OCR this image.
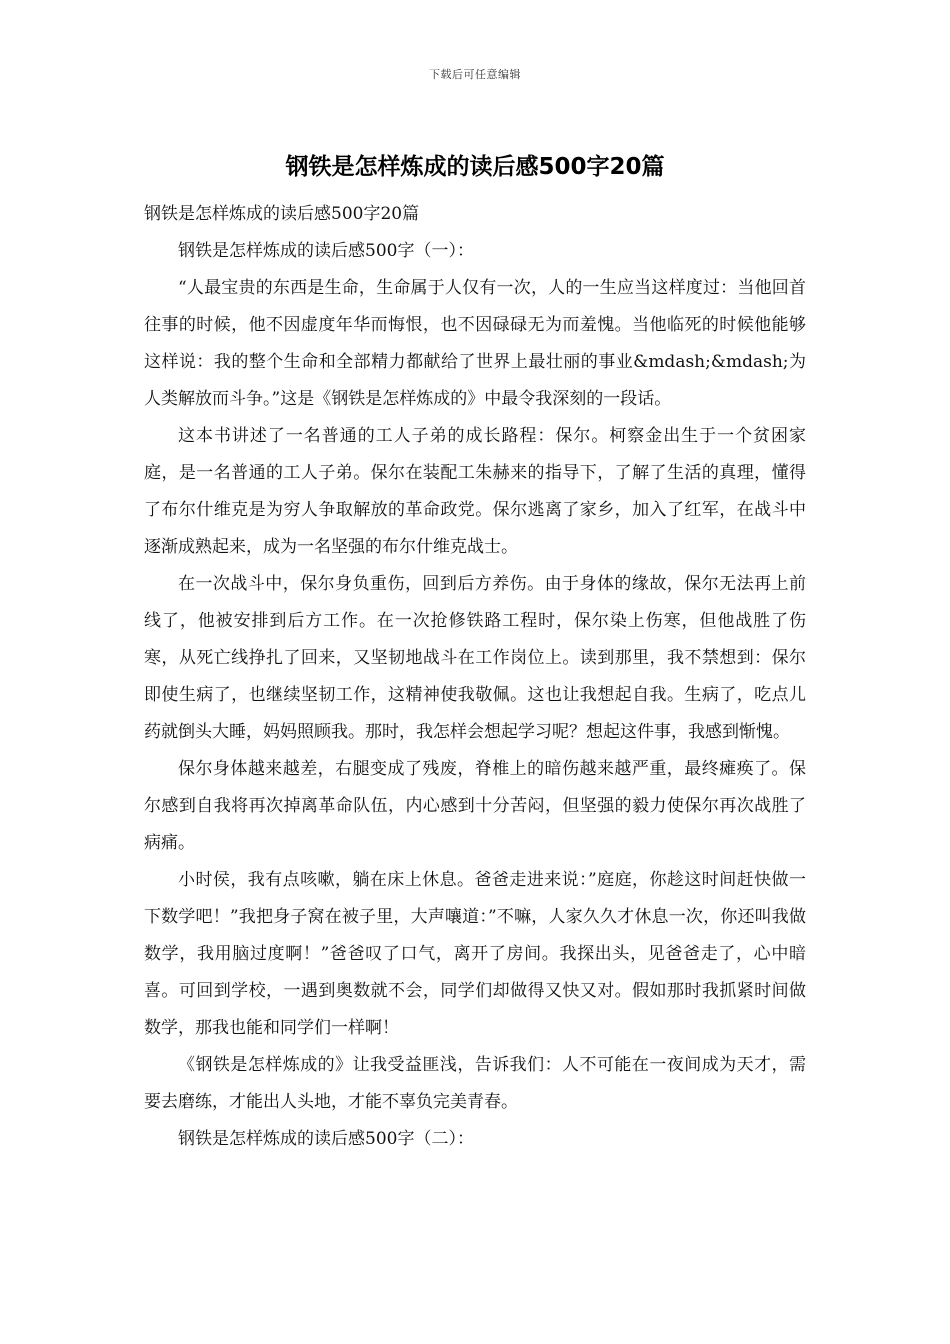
下载后可任意编辑
钢铁是怎样炼成的读后感500字20篇

钢铁是怎样炼成的读后感500字20篇

钢铁是怎样炼成的读后感500字（一）：

“人最宝贵的东西是生命，生命属于人仅有一次，人的一生应当这样度过：当他回首往事的时候，他不因虚度年华而悔恨，也不因碌碌无为而羞愧。当他临死的时候他能够这样说：我的整个生命和全部精力都献给了世界上最壮丽的事业&mdash;&mdash;为人类解放而斗争。”这是《钢铁是怎样炼成的》中最令我深刻的一段话。

这本书讲述了一名普通的工人子弟的成长路程：保尔。柯察金出生于一个贫困家庭，是一名普通的工人子弟。保尔在装配工朱赫来的指导下，了解了生活的真理，懂得了布尔什维克是为穷人争取解放的革命政党。保尔逃离了家乡，加入了红军，在战斗中逐渐成熟起来，成为一名坚强的布尔什维克战士。

在一次战斗中，保尔身负重伤，回到后方养伤。由于身体的缘故，保尔无法再上前线了，他被安排到后方工作。在一次抢修铁路工程时，保尔染上伤寒，但他战胜了伤寒，从死亡线挣扎了回来，又坚韧地战斗在工作岗位上。读到那里，我不禁想到：保尔即使生病了，也继续坚韧工作，这精神使我敬佩。这也让我想起自我。生病了，吃点儿药就倒头大睡，妈妈照顾我。那时，我怎样会想起学习呢？想起这件事，我感到惭愧。

保尔身体越来越差，右腿变成了残废，脊椎上的暗伤越来越严重，最终瘫痪了。保尔感到自我将再次掉离革命队伍，内心感到十分苦闷，但坚强的毅力使保尔再次战胜了病痛。

小时侯，我有点咳嗽，躺在床上休息。爸爸走进来说：”庭庭，你趁这时间赶快做一下数学吧！”我把身子窝在被子里，大声嚷道：”不嘛，人家久久才休息一次，你还叫我做数学，我用脑过度啊！”爸爸叹了口气，离开了房间。我探出头，见爸爸走了，心中暗喜。可回到学校，一遇到奥数就不会，同学们却做得又快又对。假如那时我抓紧时间做数学，那我也能和同学们一样啊！

《钢铁是怎样炼成的》让我受益匪浅，告诉我们：人不可能在一夜间成为天才，需要去磨练，才能出人头地，才能不辜负完美青春。

钢铁是怎样炼成的读后感500字（二）：
